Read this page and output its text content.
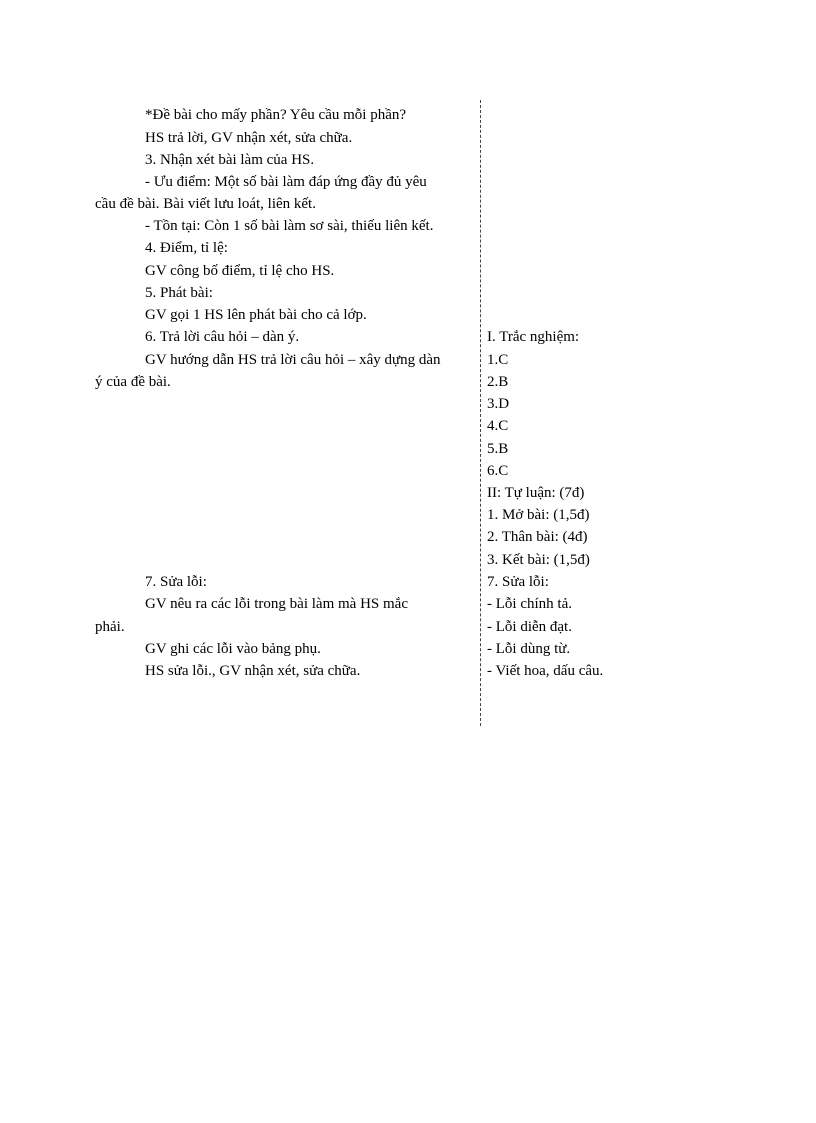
*Đề bài cho mấy phần? Yêu cầu mỗi phần?
HS trả lời, GV nhận xét, sửa chữa.
3. Nhận xét bài làm của HS.
- Ưu điểm: Một số bài làm đáp ứng đầy đủ yêu
cầu đề bài. Bài viết lưu loát, liên kết.
- Tồn tại: Còn 1 số bài làm sơ sài, thiếu liên kết.
4. Điểm, tỉ lệ:
GV công bố điểm, tỉ lệ cho HS.
5. Phát bài:
GV gọi 1 HS lên phát bài cho cả lớp.
6. Trả lời câu hỏi – dàn ý.
GV hướng dẫn HS trả lời câu hỏi – xây dựng dàn
ý của đề bài.
7. Sửa lỗi:
GV nêu ra các lỗi trong bài làm mà HS mắc
phải.
GV ghi các lỗi vào bảng phụ.
HS sửa lỗi., GV nhận xét, sửa chữa.
I. Trắc nghiệm:
1.C
2.B
3.D
4.C
5.B
6.C
II: Tự luận: (7đ)
1. Mở bài: (1,5đ)
2. Thân bài: (4đ)
3. Kết bài: (1,5đ)
7. Sửa lỗi:
- Lỗi chính tả.
- Lỗi diễn đạt.
- Lỗi dùng từ.
- Viết hoa, dấu câu.
